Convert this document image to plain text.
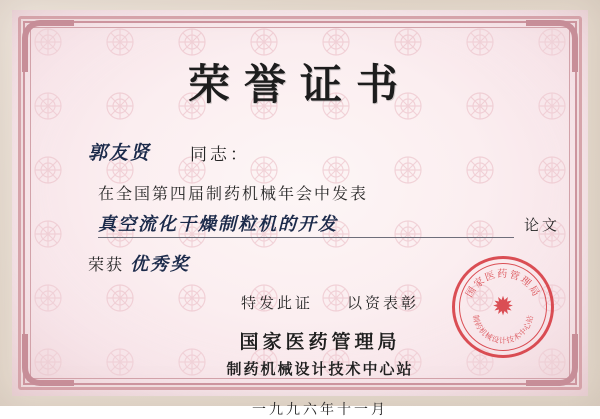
荣誉证书
郭友贤	同志：
在全国第四届制药机械年会中发表
真空流化干燥制粒机的开发	论文
荣获 优秀奖
特发此证 以资表彰
国家医药管理局
制药机械设计技术中心站
一九九六年十一月
国家医药管理局
制药机械设计技术中心站
✹
